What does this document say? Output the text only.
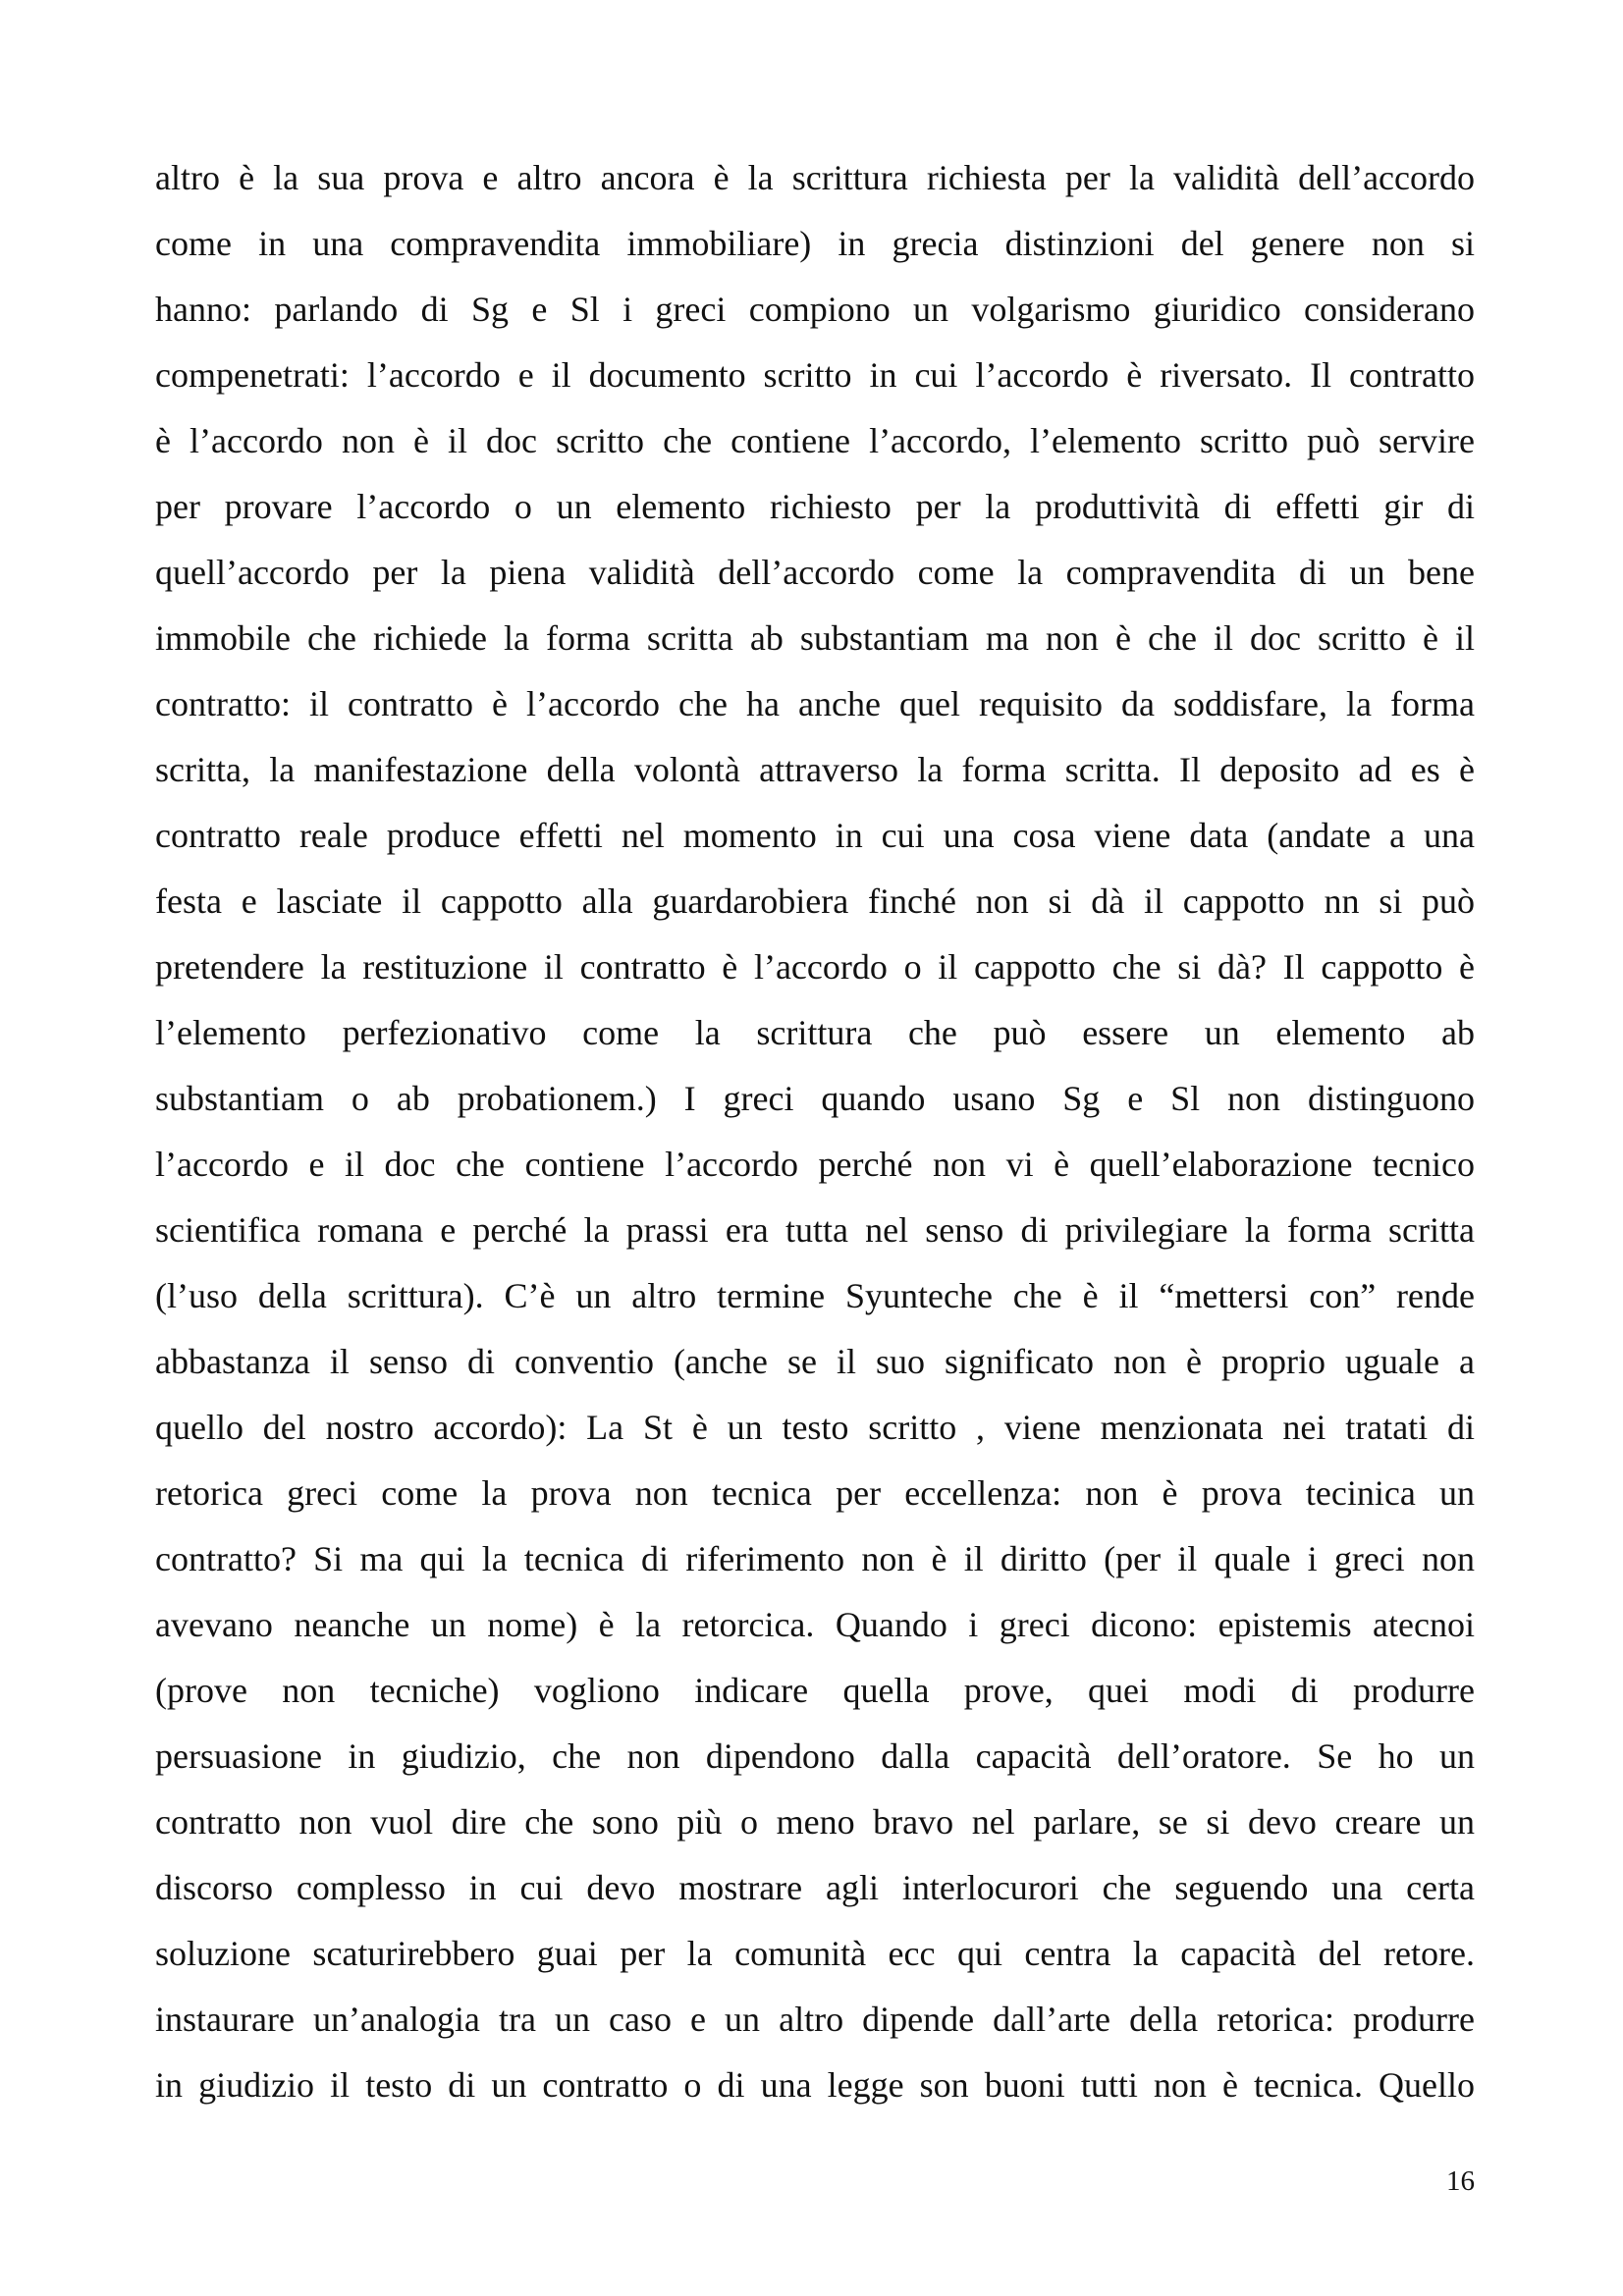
altro è la sua prova e altro ancora è la scrittura richiesta per la validità dell’accordo
come in una compravendita immobiliare) in grecia distinzioni del genere non si
hanno: parlando di Sg e Sl i greci compiono un volgarismo giuridico considerano
compenetrati: l’accordo e il documento scritto in cui l’accordo è riversato. Il contratto
è l’accordo non è il doc scritto che contiene l’accordo, l’elemento scritto può servire
per provare l’accordo o un elemento richiesto per la produttività di effetti gir di
quell’accordo per la piena validità dell’accordo come la compravendita di un bene
immobile che richiede la forma scritta ab substantiam ma non è che il doc scritto è il
contratto: il contratto è l’accordo che ha anche quel requisito da soddisfare, la forma
scritta, la manifestazione della volontà attraverso la forma scritta. Il deposito ad es è
contratto reale produce effetti nel momento in cui una cosa viene data (andate a una
festa e lasciate il cappotto alla guardarobiera finché non si dà il cappotto nn si può
pretendere la restituzione il contratto è l’accordo o il cappotto che si dà? Il cappotto è
l’elemento perfezionativo come la scrittura che può essere un elemento ab
substantiam o ab probationem.) I greci quando usano Sg e Sl non distinguono
l’accordo e il doc che contiene l’accordo perché non vi è quell’elaborazione tecnico
scientifica romana e perché la prassi era tutta nel senso di privilegiare la forma scritta
(l’uso della scrittura). C’è un altro termine Syunteche che è il “mettersi con” rende
abbastanza il senso di conventio (anche se il suo significato non è proprio uguale a
quello del nostro accordo): La St è un testo scritto , viene menzionata nei tratati di
retorica greci come la prova non tecnica per eccellenza: non è prova tecinica un
contratto? Si ma qui la tecnica di riferimento non è il diritto (per il quale i greci non
avevano neanche un nome) è la retorcica. Quando i greci dicono: epistemis atecnoi
(prove non tecniche) vogliono indicare quella prove, quei modi di produrre
persuasione in giudizio, che non dipendono dalla capacità dell’oratore. Se ho un
contratto non vuol dire che sono più o meno bravo nel parlare, se si devo creare un
discorso complesso in cui devo mostrare agli interlocurori che seguendo una certa
soluzione scaturirebbero guai per la comunità ecc qui centra la capacità del retore.
instaurare un’analogia tra un caso e un altro dipende dall’arte della retorica: produrre
in giudizio il testo di un contratto o di una legge son buoni tutti non è tecnica. Quello
16
